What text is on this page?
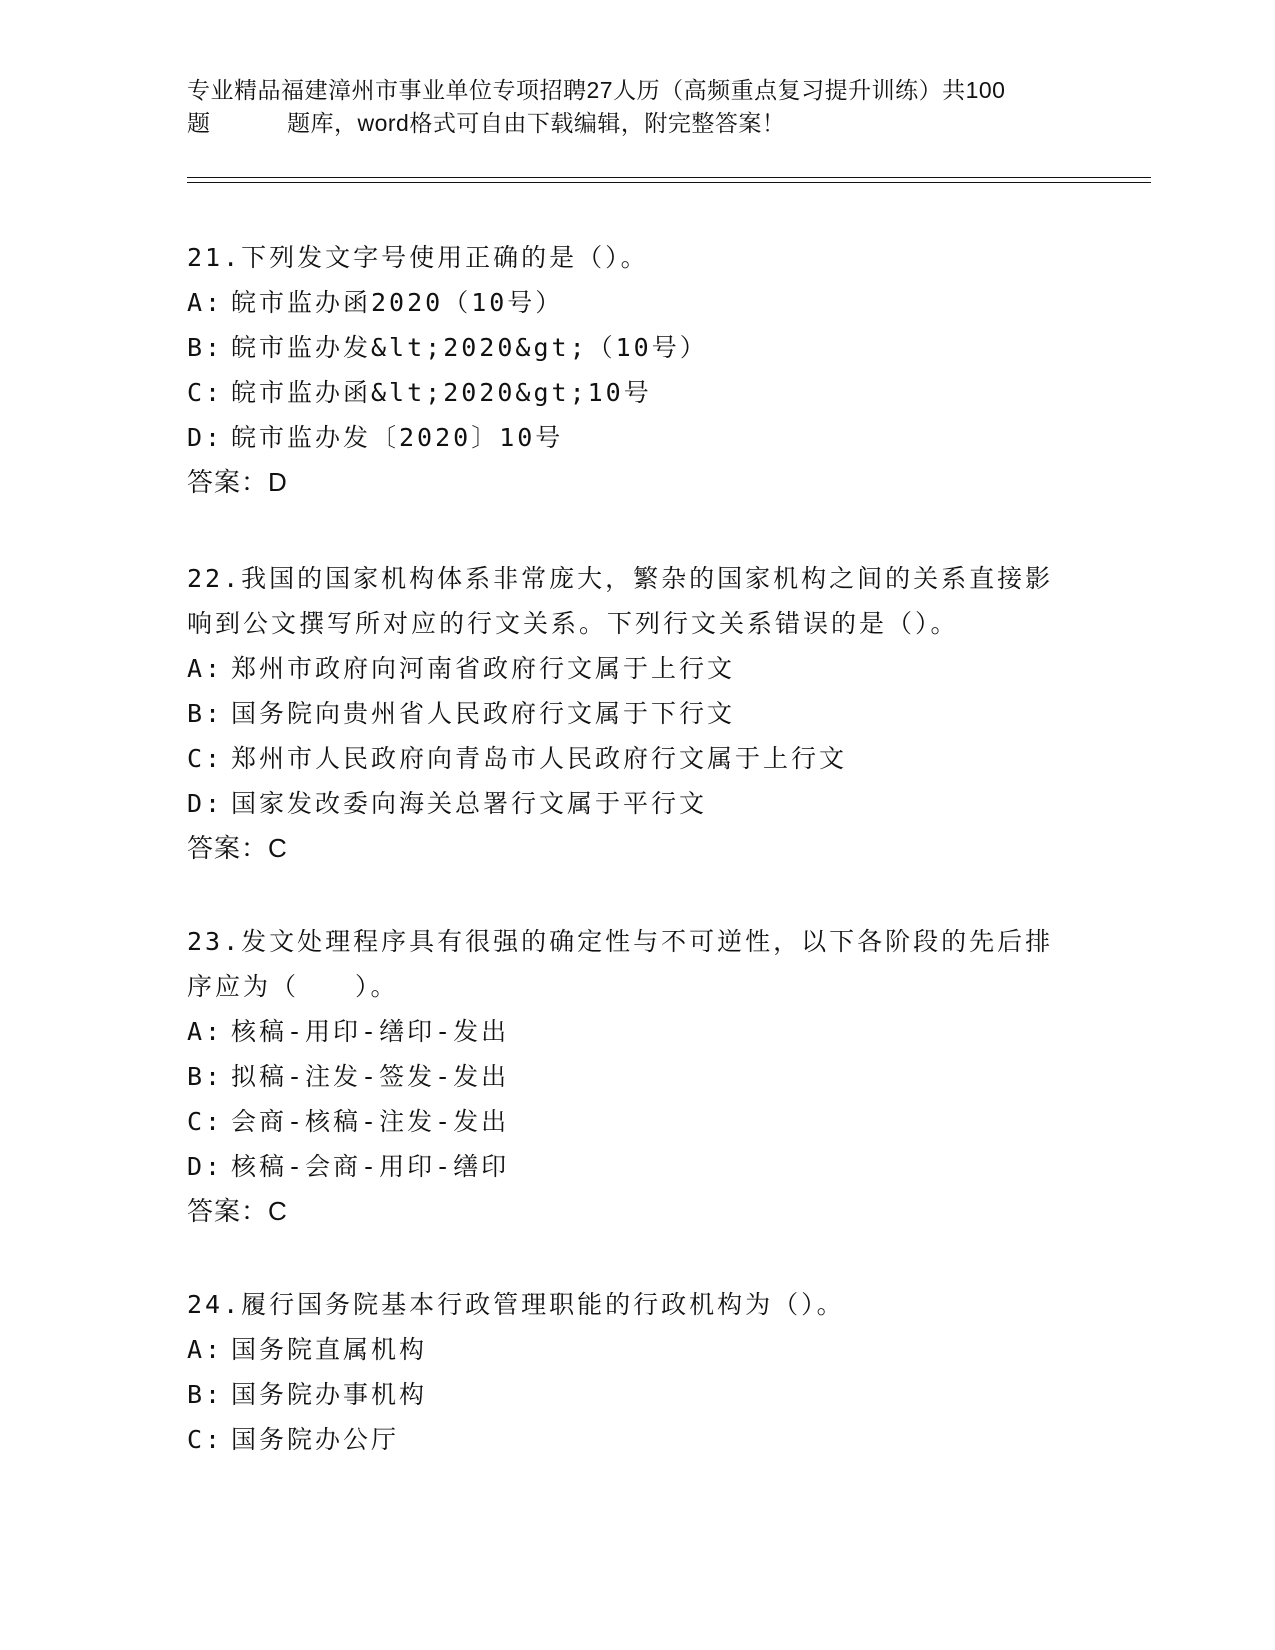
专业精品福建漳州市事业单位专项招聘27人历（高频重点复习提升训练）共100
题	题库，word格式可自由下载编辑，附完整答案！
21.下列发文字号使用正确的是（）。
A: 皖市监办函2020（10号）
B: 皖市监办发&lt;2020&gt;（10号）
C: 皖市监办函&lt;2020&gt;10号
D: 皖市监办发〔2020〕10号
答案：D
22.我国的国家机构体系非常庞大，繁杂的国家机构之间的关系直接影
响到公文撰写所对应的行文关系。下列行文关系错误的是（）。
A: 郑州市政府向河南省政府行文属于上行文
B: 国务院向贵州省人民政府行文属于下行文
C: 郑州市人民政府向青岛市人民政府行文属于上行文
D: 国家发改委向海关总署行文属于平行文
答案：C
23.发文处理程序具有很强的确定性与不可逆性，以下各阶段的先后排
序应为（　　）。
A: 核稿-用印-缮印-发出
B: 拟稿-注发-签发-发出
C: 会商-核稿-注发-发出
D: 核稿-会商-用印-缮印
答案：C
24.履行国务院基本行政管理职能的行政机构为（）。
A: 国务院直属机构
B: 国务院办事机构
C: 国务院办公厅
